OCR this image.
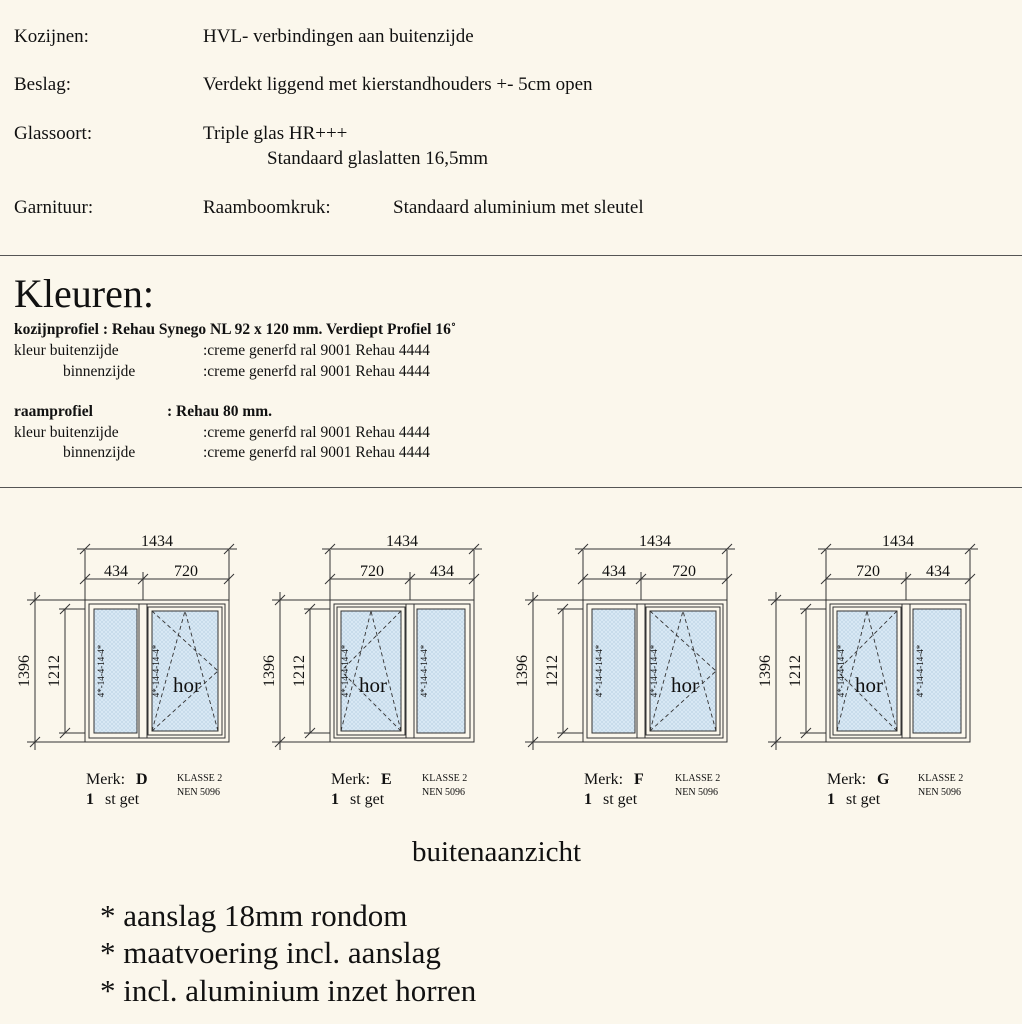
Kozijnen:	HVL- verbindingen aan buitenzijde
Beslag:	Verdekt liggend met kierstandhouders +- 5cm open
Glassoort:	Triple glas HR+++
Standaard glaslatten 16,5mm
Garnituur:	Raamboomkruk:	Standaard aluminium met sleutel
Kleuren:
kozijnprofiel : Rehau Synego NL 92 x 120 mm. Verdiept Profiel 16˚
kleur buitenzijde	:creme generfd ral 9001 Rehau 4444
binnenzijde	:creme generfd ral 9001 Rehau 4444
raamprofiel	: Rehau 80 mm.
kleur buitenzijde	:creme generfd ral 9001 Rehau 4444
binnenzijde	:creme generfd ral 9001 Rehau 4444
4*-14-4-14-4*	4*-14-4-14-4* hor
1434
434	720
1396 1212
Merk: D
1 st get
KLASSE 2
NEN 5096
4*-14-4-14-4*
4*-14-4-14-4* hor
1434
720	434
1396 1212
Merk: E
1 st get
KLASSE 2
NEN 5096
4*-14-4-14-4*	4*-14-4-14-4* hor
1434
434	720
1396 1212
Merk: F
1 st get
KLASSE 2
NEN 5096
4*-14-4-14-4*
4*-14-4-14-4* hor
1434
720	434
1396 1212
Merk: G
1 st get
KLASSE 2
NEN 5096
buitenaanzicht
* aanslag 18mm rondom
* maatvoering incl. aanslag
* incl. aluminium inzet horren
